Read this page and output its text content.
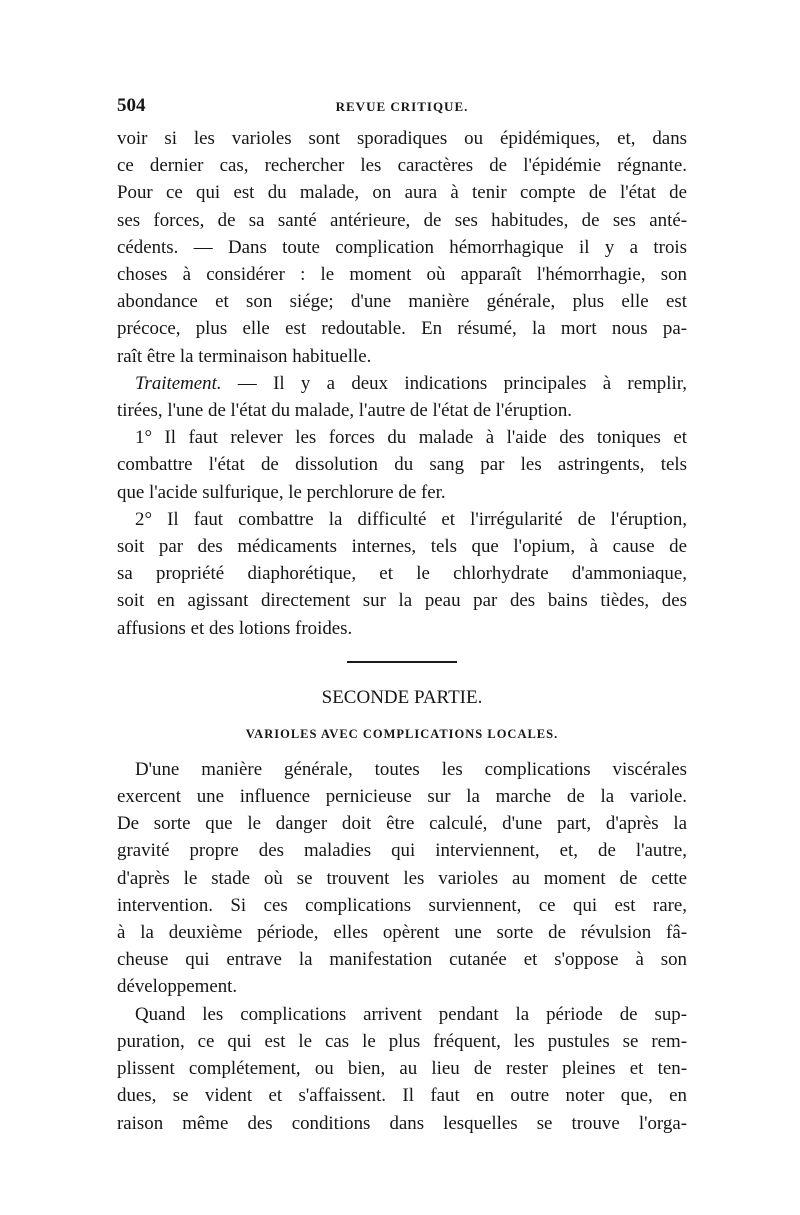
504	REVUE CRITIQUE.

voir si les varioles sont sporadiques ou épidémiques, et, dans

ce dernier cas, rechercher les caractères de l'épidémie régnante.

Pour ce qui est du malade, on aura à tenir compte de l'état de

ses forces, de sa santé antérieure, de ses habitudes, de ses anté-

cédents. — Dans toute complication hémorrhagique il y a trois

choses à considérer : le moment où apparaît l'hémorrhagie, son

abondance et son siége; d'une manière générale, plus elle est

précoce, plus elle est redoutable. En résumé, la mort nous pa-

raît être la terminaison habituelle.

Traitement. — Il y a deux indications principales à remplir,

tirées, l'une de l'état du malade, l'autre de l'état de l'éruption.

1° Il faut relever les forces du malade à l'aide des toniques et

combattre l'état de dissolution du sang par les astringents, tels

que l'acide sulfurique, le perchlorure de fer.

2° Il faut combattre la difficulté et l'irrégularité de l'éruption,

soit par des médicaments internes, tels que l'opium, à cause de

sa propriété diaphorétique, et le chlorhydrate d'ammoniaque,

soit en agissant directement sur la peau par des bains tièdes, des

affusions et des lotions froides.

SECONDE PARTIE.
VARIOLES AVEC COMPLICATIONS LOCALES.

D'une manière générale, toutes les complications viscérales

exercent une influence pernicieuse sur la marche de la variole.

De sorte que le danger doit être calculé, d'une part, d'après la

gravité propre des maladies qui interviennent, et, de l'autre,

d'après le stade où se trouvent les varioles au moment de cette

intervention. Si ces complications surviennent, ce qui est rare,

à la deuxième période, elles opèrent une sorte de révulsion fâ-

cheuse qui entrave la manifestation cutanée et s'oppose à son

développement.

Quand les complications arrivent pendant la période de sup-

puration, ce qui est le cas le plus fréquent, les pustules se rem-

plissent complétement, ou bien, au lieu de rester pleines et ten-

dues, se vident et s'affaissent. Il faut en outre noter que, en

raison même des conditions dans lesquelles se trouve l'orga-
